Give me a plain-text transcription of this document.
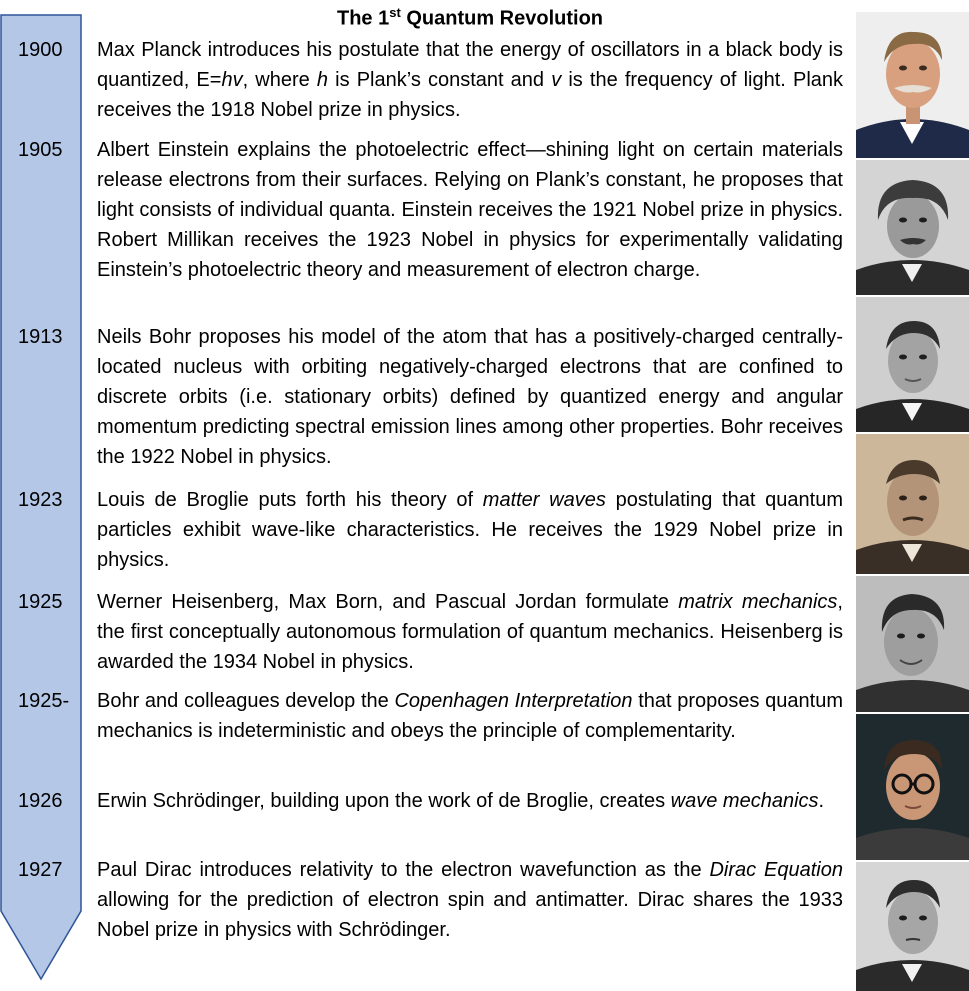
The 1st Quantum Revolution
1900 Max Planck introduces his postulate that the energy of oscillators in a black body is quantized, E=hv, where h is Plank’s constant and v is the frequency of light. Plank receives the 1918 Nobel prize in physics.
1905 Albert Einstein explains the photoelectric effect—shining light on certain materials release electrons from their surfaces. Relying on Plank’s constant, he proposes that light consists of individual quanta. Einstein receives the 1921 Nobel prize in physics. Robert Millikan receives the 1923 Nobel in physics for experimentally validating Einstein’s photoelectric theory and measurement of electron charge.
1913 Neils Bohr proposes his model of the atom that has a positively-charged centrally-located nucleus with orbiting negatively-charged electrons that are confined to discrete orbits (i.e. stationary orbits) defined by quantized energy and angular momentum predicting spectral emission lines among other properties. Bohr receives the 1922 Nobel in physics.
1923 Louis de Broglie puts forth his theory of matter waves postulating that quantum particles exhibit wave-like characteristics. He receives the 1929 Nobel prize in physics.
1925 Werner Heisenberg, Max Born, and Pascual Jordan formulate matrix mechanics, the first conceptually autonomous formulation of quantum mechanics. Heisenberg is awarded the 1934 Nobel in physics.
1925- Bohr and colleagues develop the Copenhagen Interpretation that proposes quantum mechanics is indeterministic and obeys the principle of complementarity.
1926 Erwin Schrödinger, building upon the work of de Broglie, creates wave mechanics.
1927 Paul Dirac introduces relativity to the electron wavefunction as the Dirac Equation allowing for the prediction of electron spin and antimatter. Dirac shares the 1933 Nobel prize in physics with Schrödinger.
